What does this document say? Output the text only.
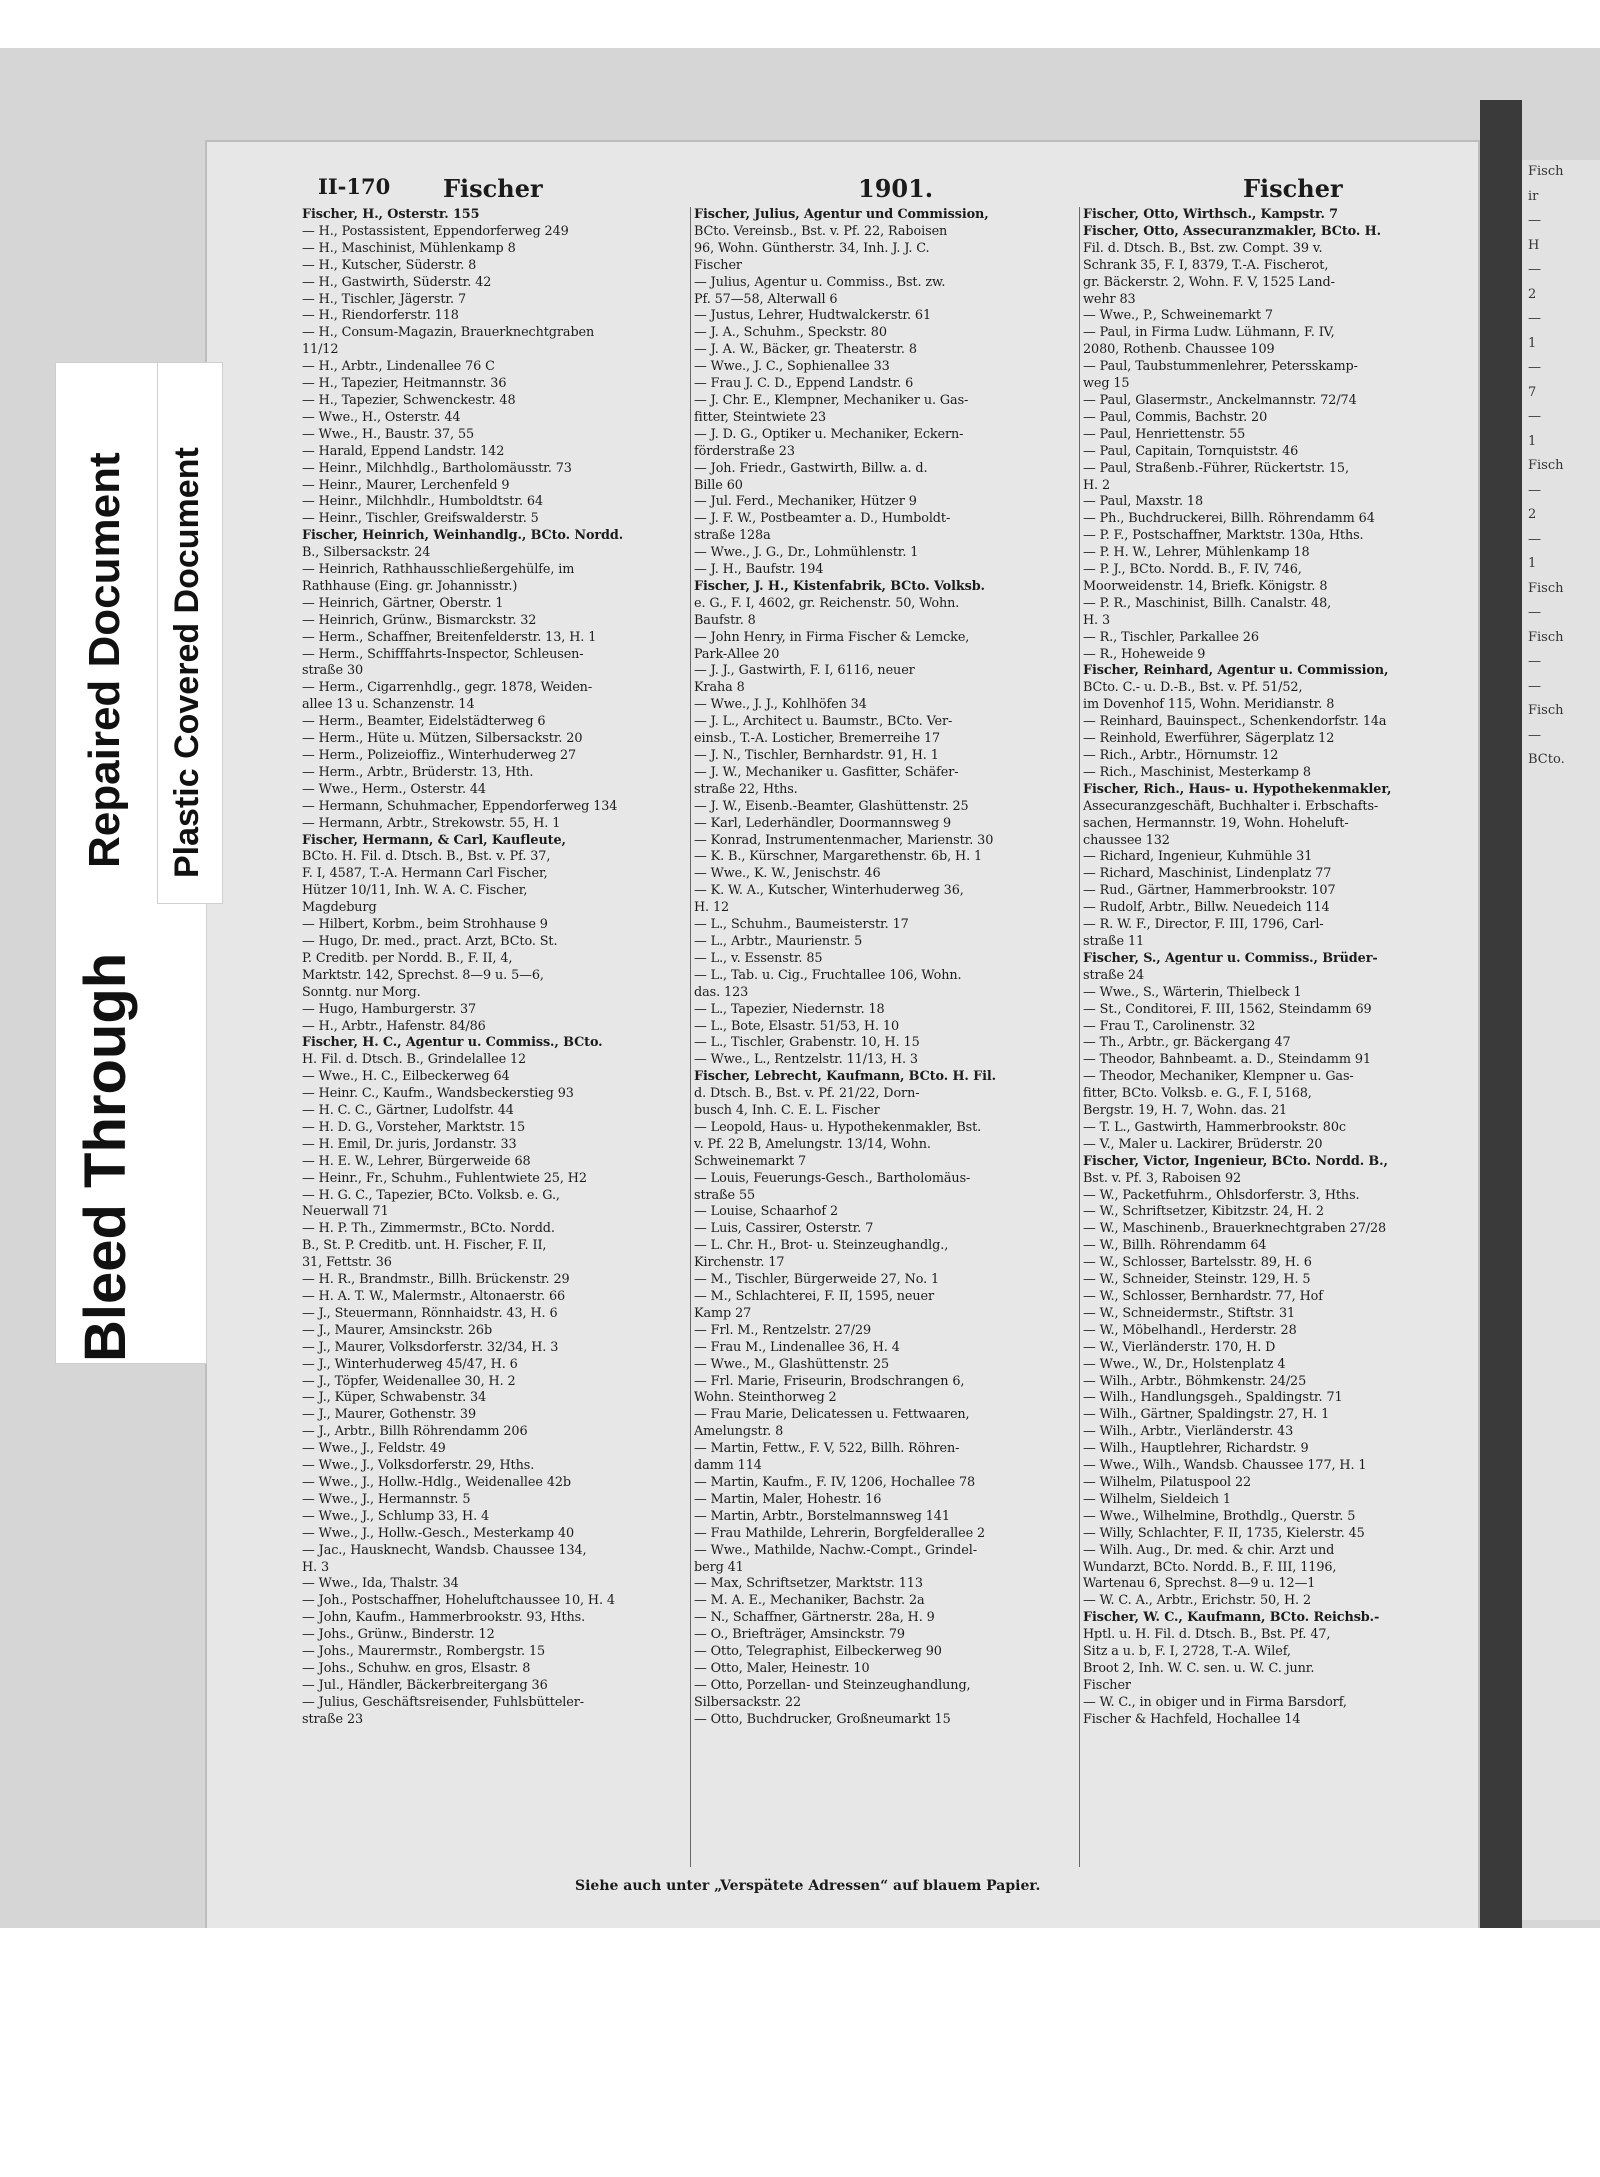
Fisch
ir
—
H
—
2
—
1
—
7
—
1
Fisch
—
2
—
1
Fisch
—
Fisch
—
—
Fisch
—
BCto.
II-170 Fischer	1901.	Fischer
Fischer, H., Osterstr. 155
— H., Postassistent, Eppendorferweg 249
— H., Maschinist, Mühlenkamp 8
— H., Kutscher, Süderstr. 8
— H., Gastwirth, Süderstr. 42
— H., Tischler, Jägerstr. 7
— H., Riendorferstr. 118
— H., Consum-Magazin, Brauerknechtgraben
11/12
— H., Arbtr., Lindenallee 76 C
— H., Tapezier, Heitmannstr. 36
— H., Tapezier, Schwenckestr. 48
— Wwe., H., Osterstr. 44
— Wwe., H., Baustr. 37, 55
— Harald, Eppend Landstr. 142
— Heinr., Milchhdlg., Bartholomäusstr. 73
— Heinr., Maurer, Lerchenfeld 9
— Heinr., Milchhdlr., Humboldtstr. 64
— Heinr., Tischler, Greifswalderstr. 5
Fischer, Heinrich, Weinhandlg., BCto. Nordd.
B., Silbersackstr. 24
— Heinrich, Rathhausschließergehülfe, im
Rathhause (Eing. gr. Johannisstr.)
— Heinrich, Gärtner, Oberstr. 1
— Heinrich, Grünw., Bismarckstr. 32
— Herm., Schaffner, Breitenfelderstr. 13, H. 1
— Herm., Schifffahrts-Inspector, Schleusen-
straße 30
— Herm., Cigarrenhdlg., gegr. 1878, Weiden-
allee 13 u. Schanzenstr. 14
— Herm., Beamter, Eidelstädterweg 6
— Herm., Hüte u. Mützen, Silbersackstr. 20
— Herm., Polizeioffiz., Winterhuderweg 27
— Herm., Arbtr., Brüderstr. 13, Hth.
— Wwe., Herm., Osterstr. 44
— Hermann, Schuhmacher, Eppendorferweg 134
— Hermann, Arbtr., Strekowstr. 55, H. 1
Fischer, Hermann, & Carl, Kaufleute,
BCto. H. Fil. d. Dtsch. B., Bst. v. Pf. 37,
F. I, 4587, T.-A. Hermann Carl Fischer,
Hützer 10/11, Inh. W. A. C. Fischer,
Magdeburg
— Hilbert, Korbm., beim Strohhause 9
— Hugo, Dr. med., pract. Arzt, BCto. St.
P. Creditb. per Nordd. B., F. II, 4,
Marktstr. 142, Sprechst. 8—9 u. 5—6,
Sonntg. nur Morg.
— Hugo, Hamburgerstr. 37
— H., Arbtr., Hafenstr. 84/86
Fischer, H. C., Agentur u. Commiss., BCto.
H. Fil. d. Dtsch. B., Grindelallee 12
— Wwe., H. C., Eilbeckerweg 64
— Heinr. C., Kaufm., Wandsbeckerstieg 93
— H. C. C., Gärtner, Ludolfstr. 44
— H. D. G., Vorsteher, Marktstr. 15
— H. Emil, Dr. juris, Jordanstr. 33
— H. E. W., Lehrer, Bürgerweide 68
— Heinr., Fr., Schuhm., Fuhlentwiete 25, H2
— H. G. C., Tapezier, BCto. Volksb. e. G.,
Neuerwall 71
— H. P. Th., Zimmermstr., BCto. Nordd.
B., St. P. Creditb. unt. H. Fischer, F. II,
31, Fettstr. 36
— H. R., Brandmstr., Billh. Brückenstr. 29
— H. A. T. W., Malermstr., Altonaerstr. 66
— J., Steuermann, Rönnhaidstr. 43, H. 6
— J., Maurer, Amsinckstr. 26b
— J., Maurer, Volksdorferstr. 32/34, H. 3
— J., Winterhuderweg 45/47, H. 6
— J., Töpfer, Weidenallee 30, H. 2
— J., Küper, Schwabenstr. 34
— J., Maurer, Gothenstr. 39
— J., Arbtr., Billh Röhrendamm 206
— Wwe., J., Feldstr. 49
— Wwe., J., Volksdorferstr. 29, Hths.
— Wwe., J., Hollw.-Hdlg., Weidenallee 42b
— Wwe., J., Hermannstr. 5
— Wwe., J., Schlump 33, H. 4
— Wwe., J., Hollw.-Gesch., Mesterkamp 40
— Jac., Hausknecht, Wandsb. Chaussee 134,
H. 3
— Wwe., Ida, Thalstr. 34
— Joh., Postschaffner, Hoheluftchaussee 10, H. 4
— John, Kaufm., Hammerbrookstr. 93, Hths.
— Johs., Grünw., Binderstr. 12
— Johs., Maurermstr., Rombergstr. 15
— Johs., Schuhw. en gros, Elsastr. 8
— Jul., Händler, Bäckerbreitergang 36
— Julius, Geschäftsreisender, Fuhlsbütteler-
straße 23
Fischer, Julius, Agentur und Commission,
BCto. Vereinsb., Bst. v. Pf. 22, Raboisen
96, Wohn. Güntherstr. 34, Inh. J. J. C.
Fischer
— Julius, Agentur u. Commiss., Bst. zw.
Pf. 57—58, Alterwall 6
— Justus, Lehrer, Hudtwalckerstr. 61
— J. A., Schuhm., Speckstr. 80
— J. A. W., Bäcker, gr. Theaterstr. 8
— Wwe., J. C., Sophienallee 33
— Frau J. C. D., Eppend Landstr. 6
— J. Chr. E., Klempner, Mechaniker u. Gas-
fitter, Steintwiete 23
— J. D. G., Optiker u. Mechaniker, Eckern-
förderstraße 23
— Joh. Friedr., Gastwirth, Billw. a. d.
Bille 60
— Jul. Ferd., Mechaniker, Hützer 9
— J. F. W., Postbeamter a. D., Humboldt-
straße 128a
— Wwe., J. G., Dr., Lohmühlenstr. 1
— J. H., Baufstr. 194
Fischer, J. H., Kistenfabrik, BCto. Volksb.
e. G., F. I, 4602, gr. Reichenstr. 50, Wohn.
Baufstr. 8
— John Henry, in Firma Fischer & Lemcke,
Park-Allee 20
— J. J., Gastwirth, F. I, 6116, neuer
Kraha 8
— Wwe., J. J., Kohlhöfen 34
— J. L., Architect u. Baumstr., BCto. Ver-
einsb., T.-A. Losticher, Bremerreihe 17
— J. N., Tischler, Bernhardstr. 91, H. 1
— J. W., Mechaniker u. Gasfitter, Schäfer-
straße 22, Hths.
— J. W., Eisenb.-Beamter, Glashüttenstr. 25
— Karl, Lederhändler, Doormannsweg 9
— Konrad, Instrumentenmacher, Marienstr. 30
— K. B., Kürschner, Margarethenstr. 6b, H. 1
— Wwe., K. W., Jenischstr. 46
— K. W. A., Kutscher, Winterhuderweg 36,
H. 12
— L., Schuhm., Baumeisterstr. 17
— L., Arbtr., Maurienstr. 5
— L., v. Essenstr. 85
— L., Tab. u. Cig., Fruchtallee 106, Wohn.
das. 123
— L., Tapezier, Niedernstr. 18
— L., Bote, Elsastr. 51/53, H. 10
— L., Tischler, Grabenstr. 10, H. 15
— Wwe., L., Rentzelstr. 11/13, H. 3
Fischer, Lebrecht, Kaufmann, BCto. H. Fil.
d. Dtsch. B., Bst. v. Pf. 21/22, Dorn-
busch 4, Inh. C. E. L. Fischer
— Leopold, Haus- u. Hypothekenmakler, Bst.
v. Pf. 22 B, Amelungstr. 13/14, Wohn.
Schweinemarkt 7
— Louis, Feuerungs-Gesch., Bartholomäus-
straße 55
— Louise, Schaarhof 2
— Luis, Cassirer, Osterstr. 7
— L. Chr. H., Brot- u. Steinzeughandlg.,
Kirchenstr. 17
— M., Tischler, Bürgerweide 27, No. 1
— M., Schlachterei, F. II, 1595, neuer
Kamp 27
— Frl. M., Rentzelstr. 27/29
— Frau M., Lindenallee 36, H. 4
— Wwe., M., Glashüttenstr. 25
— Frl. Marie, Friseurin, Brodschrangen 6,
Wohn. Steinthorweg 2
— Frau Marie, Delicatessen u. Fettwaaren,
Amelungstr. 8
— Martin, Fettw., F. V, 522, Billh. Röhren-
damm 114
— Martin, Kaufm., F. IV, 1206, Hochallee 78
— Martin, Maler, Hohestr. 16
— Martin, Arbtr., Borstelmannsweg 141
— Frau Mathilde, Lehrerin, Borgfelderallee 2
— Wwe., Mathilde, Nachw.-Compt., Grindel-
berg 41
— Max, Schriftsetzer, Marktstr. 113
— M. A. E., Mechaniker, Bachstr. 2a
— N., Schaffner, Gärtnerstr. 28a, H. 9
— O., Briefträger, Amsinckstr. 79
— Otto, Telegraphist, Eilbeckerweg 90
— Otto, Maler, Heinestr. 10
— Otto, Porzellan- und Steinzeughandlung,
Silbersackstr. 22
— Otto, Buchdrucker, Großneumarkt 15
Fischer, Otto, Wirthsch., Kampstr. 7
Fischer, Otto, Assecuranzmakler, BCto. H.
Fil. d. Dtsch. B., Bst. zw. Compt. 39 v.
Schrank 35, F. I, 8379, T.-A. Fischerot,
gr. Bäckerstr. 2, Wohn. F. V, 1525 Land-
wehr 83
— Wwe., P., Schweinemarkt 7
— Paul, in Firma Ludw. Lühmann, F. IV,
2080, Rothenb. Chaussee 109
— Paul, Taubstummenlehrer, Petersskamp-
weg 15
— Paul, Glasermstr., Anckelmannstr. 72/74
— Paul, Commis, Bachstr. 20
— Paul, Henriettenstr. 55
— Paul, Capitain, Tornquiststr. 46
— Paul, Straßenb.-Führer, Rückertstr. 15,
H. 2
— Paul, Maxstr. 18
— Ph., Buchdruckerei, Billh. Röhrendamm 64
— P. F., Postschaffner, Marktstr. 130a, Hths.
— P. H. W., Lehrer, Mühlenkamp 18
— P. J., BCto. Nordd. B., F. IV, 746,
Moorweidenstr. 14, Briefk. Königstr. 8
— P. R., Maschinist, Billh. Canalstr. 48,
H. 3
— R., Tischler, Parkallee 26
— R., Hoheweide 9
Fischer, Reinhard, Agentur u. Commission,
BCto. C.- u. D.-B., Bst. v. Pf. 51/52,
im Dovenhof 115, Wohn. Meridianstr. 8
— Reinhard, Bauinspect., Schenkendorfstr. 14a
— Reinhold, Ewerführer, Sägerplatz 12
— Rich., Arbtr., Hörnumstr. 12
— Rich., Maschinist, Mesterkamp 8
Fischer, Rich., Haus- u. Hypothekenmakler,
Assecuranzgeschäft, Buchhalter i. Erbschafts-
sachen, Hermannstr. 19, Wohn. Hoheluft-
chaussee 132
— Richard, Ingenieur, Kuhmühle 31
— Richard, Maschinist, Lindenplatz 77
— Rud., Gärtner, Hammerbrookstr. 107
— Rudolf, Arbtr., Billw. Neuedeich 114
— R. W. F., Director, F. III, 1796, Carl-
straße 11
Fischer, S., Agentur u. Commiss., Brüder-
straße 24
— Wwe., S., Wärterin, Thielbeck 1
— St., Conditorei, F. III, 1562, Steindamm 69
— Frau T., Carolinenstr. 32
— Th., Arbtr., gr. Bäckergang 47
— Theodor, Bahnbeamt. a. D., Steindamm 91
— Theodor, Mechaniker, Klempner u. Gas-
fitter, BCto. Volksb. e. G., F. I, 5168,
Bergstr. 19, H. 7, Wohn. das. 21
— T. L., Gastwirth, Hammerbrookstr. 80c
— V., Maler u. Lackirer, Brüderstr. 20
Fischer, Victor, Ingenieur, BCto. Nordd. B.,
Bst. v. Pf. 3, Raboisen 92
— W., Packetfuhrm., Ohlsdorferstr. 3, Hths.
— W., Schriftsetzer, Kibitzstr. 24, H. 2
— W., Maschinenb., Brauerknechtgraben 27/28
— W., Billh. Röhrendamm 64
— W., Schlosser, Bartelsstr. 89, H. 6
— W., Schneider, Steinstr. 129, H. 5
— W., Schlosser, Bernhardstr. 77, Hof
— W., Schneidermstr., Stiftstr. 31
— W., Möbelhandl., Herderstr. 28
— W., Vierländerstr. 170, H. D
— Wwe., W., Dr., Holstenplatz 4
— Wilh., Arbtr., Böhmkenstr. 24/25
— Wilh., Handlungsgeh., Spaldingstr. 71
— Wilh., Gärtner, Spaldingstr. 27, H. 1
— Wilh., Arbtr., Vierländerstr. 43
— Wilh., Hauptlehrer, Richardstr. 9
— Wwe., Wilh., Wandsb. Chaussee 177, H. 1
— Wilhelm, Pilatuspool 22
— Wilhelm, Sieldeich 1
— Wwe., Wilhelmine, Brothdlg., Querstr. 5
— Willy, Schlachter, F. II, 1735, Kielerstr. 45
— Wilh. Aug., Dr. med. & chir. Arzt und
Wundarzt, BCto. Nordd. B., F. III, 1196,
Wartenau 6, Sprechst. 8—9 u. 12—1
— W. C. A., Arbtr., Erichstr. 50, H. 2
Fischer, W. C., Kaufmann, BCto. Reichsb.-
Hptl. u. H. Fil. d. Dtsch. B., Bst. Pf. 47,
Sitz a u. b, F. I, 2728, T.-A. Wilef,
Broot 2, Inh. W. C. sen. u. W. C. junr.
Fischer
— W. C., in obiger und in Firma Barsdorf,
Fischer & Hachfeld, Hochallee 14
Siehe auch unter „Verspätete Adressen“ auf blauem Papier.
Bleed Through
Repaired Document Plastic Covered Document
